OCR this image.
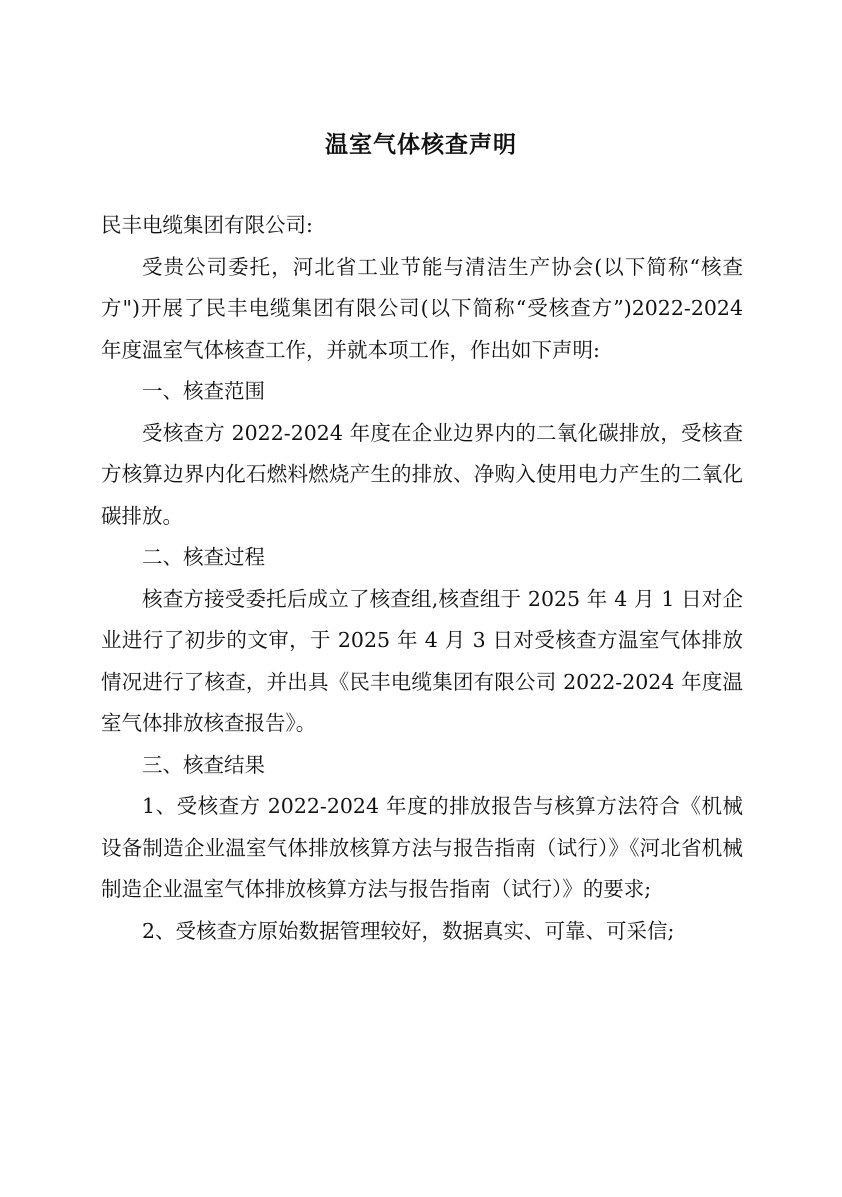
温室气体核查声明

民丰电缆集团有限公司:

受贵公司委托，河北省工业节能与清洁生产协会(以下简称“核查方")开展了民丰电缆集团有限公司(以下简称“受核查方”)2022-2024 年度温室气体核查工作，并就本项工作，作出如下声明:

一、核查范围

受核查方 2022-2024 年度在企业边界内的二氧化碳排放，受核查方核算边界内化石燃料燃烧产生的排放、净购入使用电力产生的二氧化碳排放。

二、核查过程

核查方接受委托后成立了核查组,核查组于 2025 年 4 月 1 日对企业进行了初步的文审，于 2025 年 4 月 3 日对受核查方温室气体排放情况进行了核查，并出具《民丰电缆集团有限公司 2022-2024 年度温室气体排放核查报告》。

三、核查结果

1、受核查方 2022-2024 年度的排放报告与核算方法符合《机械设备制造企业温室气体排放核算方法与报告指南（试行）》《河北省机械制造企业温室气体排放核算方法与报告指南（试行）》的要求;

2、受核查方原始数据管理较好，数据真实、可靠、可采信;
